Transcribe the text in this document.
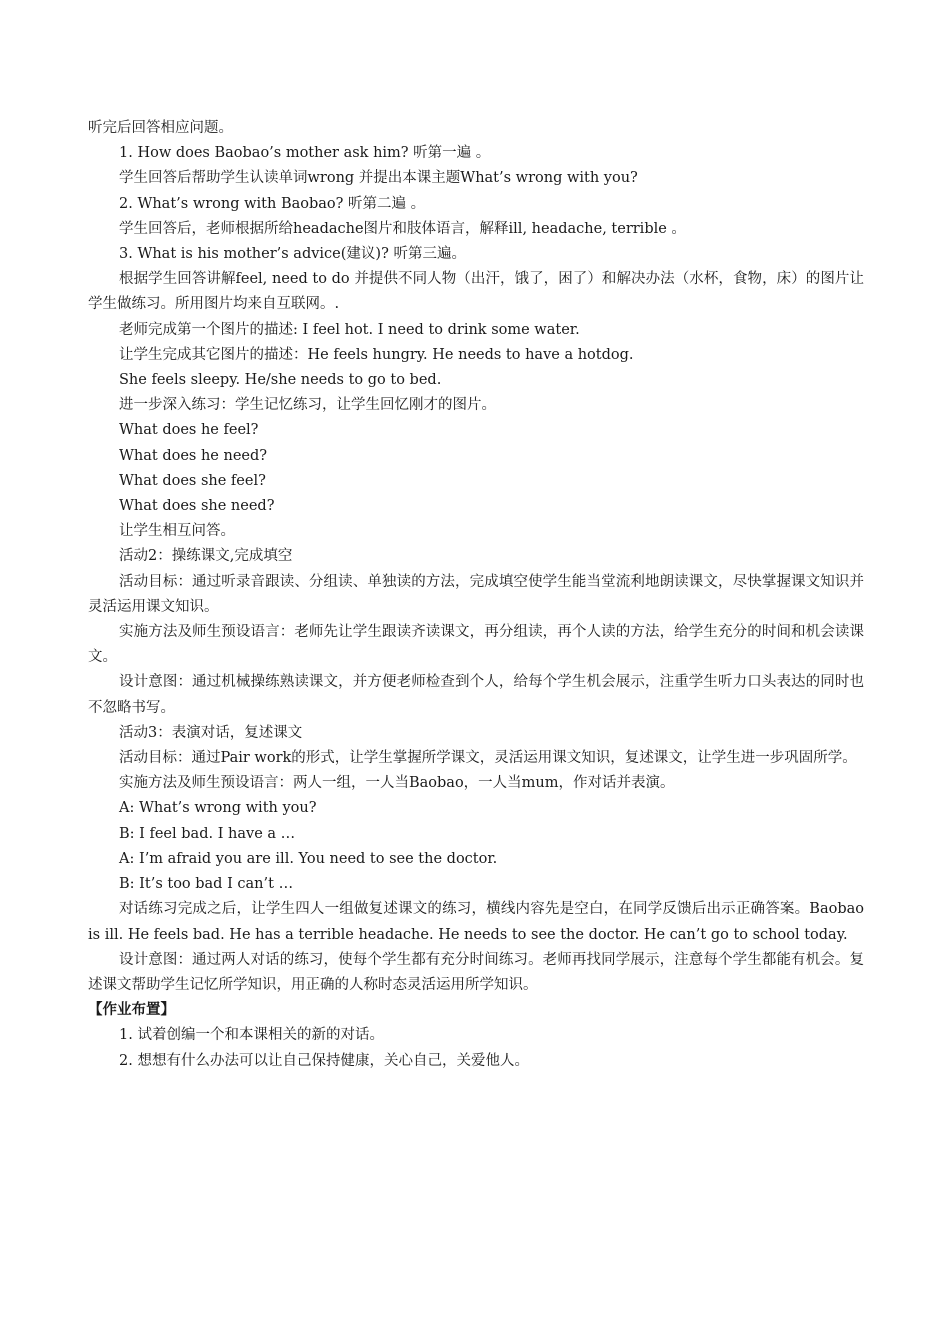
听完后回答相应问题。

1. How does Baobao’s mother ask him? 听第一遍 。

学生回答后帮助学生认读单词wrong 并提出本课主题What’s wrong with you?

2. What’s wrong with Baobao? 听第二遍 。

学生回答后，老师根据所给headache图片和肢体语言，解释ill, headache, terrible 。

3. What is his mother’s advice(建议)? 听第三遍。

根据学生回答讲解feel, need to do 并提供不同人物（出汗，饿了，困了）和解决办法（水杯，食物，床）的图片让学生做练习。所用图片均来自互联网。.

老师完成第一个图片的描述: I feel hot. I need to drink some water.

让学生完成其它图片的描述：He feels hungry. He needs to have a hotdog.

She feels sleepy. He/she needs to go to bed.

进一步深入练习：学生记忆练习，让学生回忆刚才的图片。

What does he feel?

What does he need?

What does she feel?

What does she need?

让学生相互问答。

活动2：操练课文,完成填空

活动目标：通过听录音跟读、分组读、单独读的方法，完成填空使学生能当堂流利地朗读课文，尽快掌握课文知识并灵活运用课文知识。

实施方法及师生预设语言：老师先让学生跟读齐读课文，再分组读，再个人读的方法，给学生充分的时间和机会读课文。

设计意图：通过机械操练熟读课文，并方便老师检查到个人，给每个学生机会展示，注重学生听力口头表达的同时也不忽略书写。

活动3：表演对话，复述课文

活动目标：通过Pair work的形式，让学生掌握所学课文，灵活运用课文知识，复述课文，让学生进一步巩固所学。

实施方法及师生预设语言：两人一组，一人当Baobao，一人当mum，作对话并表演。

A: What’s wrong with you?

B: I feel bad. I have a …

A: I’m afraid you are ill. You need to see the doctor.

B: It’s too bad I can’t …

对话练习完成之后，让学生四人一组做复述课文的练习，横线内容先是空白，在同学反馈后出示正确答案。Baobao is ill. He feels bad. He has a terrible headache. He needs to see the doctor. He can’t go to school today.

设计意图：通过两人对话的练习，使每个学生都有充分时间练习。老师再找同学展示，注意每个学生都能有机会。复述课文帮助学生记忆所学知识，用正确的人称时态灵活运用所学知识。

【作业布置】

1. 试着创编一个和本课相关的新的对话。

2. 想想有什么办法可以让自己保持健康，关心自己，关爱他人。
